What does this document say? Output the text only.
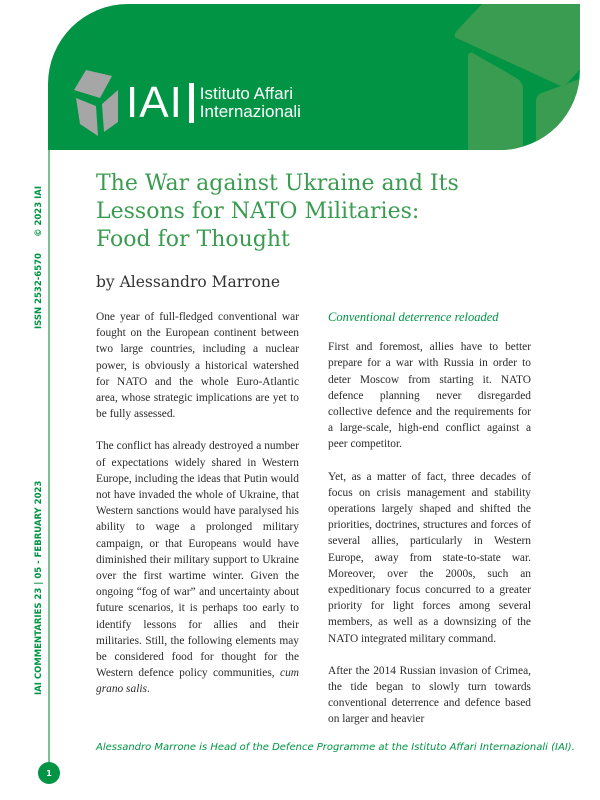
IAI Istituto Affari
Internazionali
© 2023 IAI
ISSN 2532-6570
IAI COMMENTARIES 23 | 05 - FEBRUARY 2023
The War against Ukraine and Its
Lessons for NATO Militaries:
Food for Thought
by Alessandro Marrone

One year of full-fledged conventional war fought on the European continent between two large countries, including a nuclear power, is obviously a historical watershed for NATO and the whole Euro-Atlantic area, whose strategic implications are yet to be fully assessed.

The conflict has already destroyed a number of expectations widely shared in Western Europe, including the ideas that Putin would not have invaded the whole of Ukraine, that Western sanctions would have paralysed his ability to wage a prolonged military campaign, or that Europeans would have diminished their military support to Ukraine over the first wartime winter. Given the ongoing “fog of war” and uncertainty about future scenarios, it is perhaps too early to identify lessons for allies and their militaries. Still, the following elements may be considered food for thought for the Western defence policy communities, cum grano salis.

Conventional deterrence reloaded

First and foremost, allies have to better prepare for a war with Russia in order to deter Moscow from starting it. NATO defence planning never disregarded collective defence and the requirements for a large-scale, high-end conflict against a peer competitor.

Yet, as a matter of fact, three decades of focus on crisis management and stability operations largely shaped and shifted the priorities, doctrines, structures and forces of several allies, particularly in Western Europe, away from state-to-state war. Moreover, over the 2000s, such an expeditionary focus concurred to a greater priority for light forces among several members, as well as a downsizing of the NATO integrated military command.

After the 2014 Russian invasion of Crimea, the tide began to slowly turn towards conventional deterrence and defence based on larger and heavier

Alessandro Marrone is Head of the Defence Programme at the Istituto Affari Internazionali (IAI).
1
